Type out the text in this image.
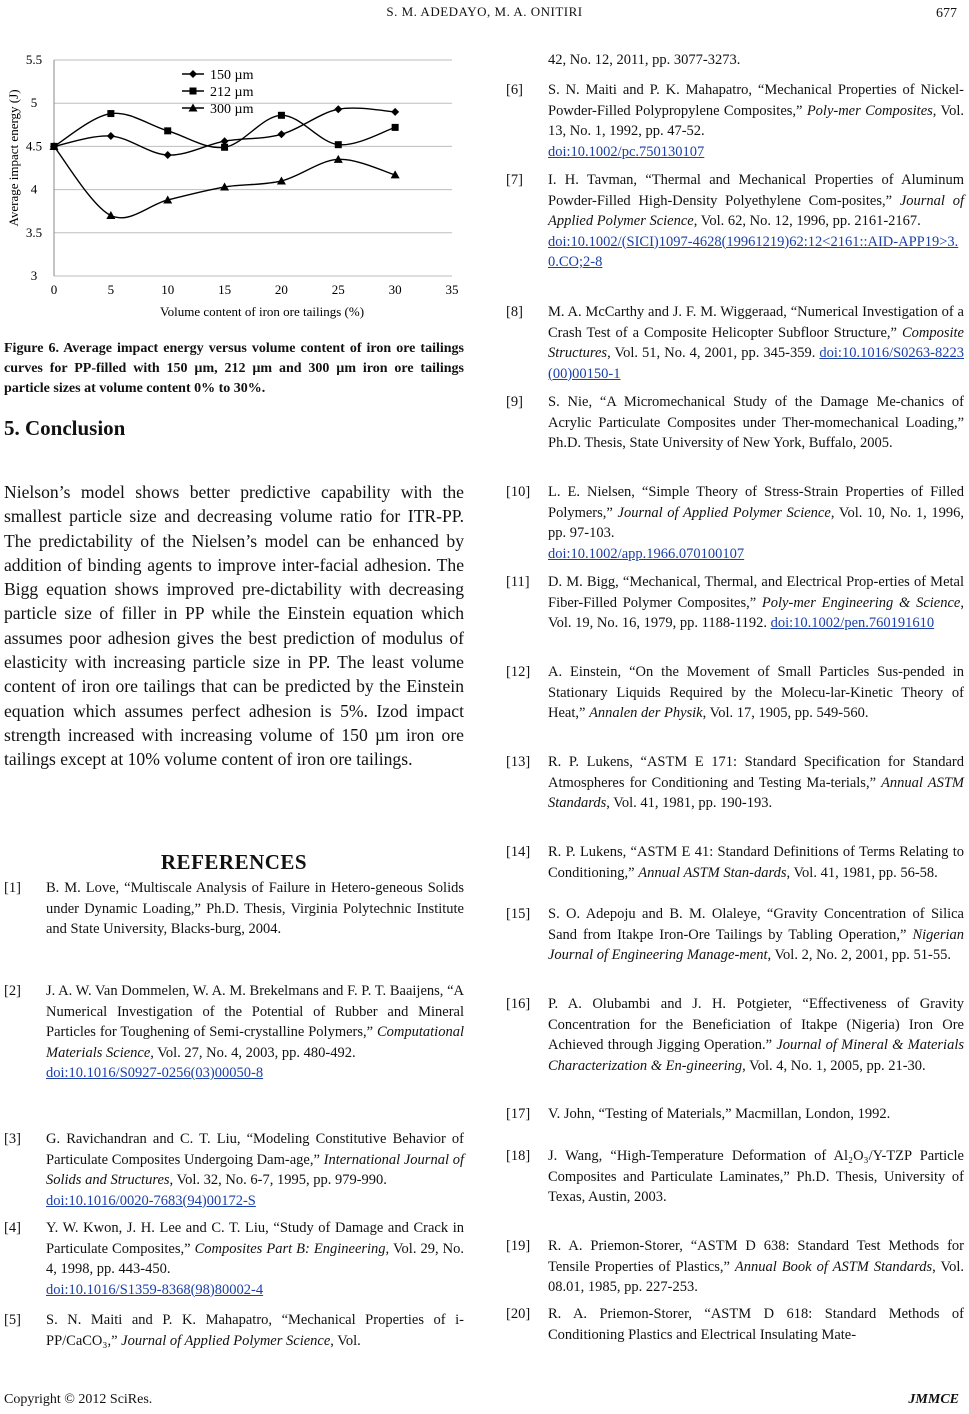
S. M. ADEDAYO, M. A. ONITIRI	677
3
3.5
4
4.5
5
5.5
0	5	10	15	20	25	30	35
150 µm
212 µm
300 µm
Volume content of iron ore tailings (%)
Average impact energy (J)
Figure 6. Average impact energy versus volume content of iron ore tailings curves for PP-filled with 150 µm, 212 µm and 300 µm iron ore tailings particle sizes at volume content 0% to 30%.
5. Conclusion
Nielson’s model shows better predictive capability with the smallest particle size and decreasing volume ratio for ITR-PP. The predictability of the Nielsen’s model can be enhanced by addition of binding agents to improve inter-facial adhesion. The Bigg equation shows improved pre-dictability with decreasing particle size of filler in PP while the Einstein equation which assumes poor adhesion gives the best prediction of modulus of elasticity with increasing particle size in PP. The least volume content of iron ore tailings that can be predicted by the Einstein equation which assumes perfect adhesion is 5%. Izod impact strength increased with increasing volume of 150 µm iron ore tailings except at 10% volume content of iron ore tailings.
REFERENCES
[1] B. M. Love, “Multiscale Analysis of Failure in Hetero-geneous Solids under Dynamic Loading,” Ph.D. Thesis, Virginia Polytechnic Institute and State University, Blacks-burg, 2004.
[2] J. A. W. Van Dommelen, W. A. M. Brekelmans and F. P. T. Baaijens, “A Numerical Investigation of the Potential of Rubber and Mineral Particles for Toughening of Semi-crystalline Polymers,” Computational Materials Science, Vol. 27, No. 4, 2003, pp. 480-492.
doi:10.1016/S0927-0256(03)00050-8
[3] G. Ravichandran and C. T. Liu, “Modeling Constitutive Behavior of Particulate Composites Undergoing Dam-age,” International Journal of Solids and Structures, Vol. 32, No. 6-7, 1995, pp. 979-990.
doi:10.1016/0020-7683(94)00172-S
[4] Y. W. Kwon, J. H. Lee and C. T. Liu, “Study of Damage and Crack in Particulate Composites,” Composites Part B: Engineering, Vol. 29, No. 4, 1998, pp. 443-450.
doi:10.1016/S1359-8368(98)80002-4
[5] S. N. Maiti and P. K. Mahapatro, “Mechanical Properties of i-PP/CaCO₃,” Journal of Applied Polymer Science, Vol.
42, No. 12, 2011, pp. 3077-3273.
[6] S. N. Maiti and P. K. Mahapatro, “Mechanical Properties of Nickel-Powder-Filled Polypropylene Composites,” Poly-mer Composites, Vol. 13, No. 1, 1992, pp. 47-52.
doi:10.1002/pc.750130107
[7] I. H. Tavman, “Thermal and Mechanical Properties of Aluminum Powder-Filled High-Density Polyethylene Com-posites,” Journal of Applied Polymer Science, Vol. 62, No. 12, 1996, pp. 2161-2167.
doi:10.1002/(SICI)1097-4628(19961219)62:12<2161::AID-APP19>3.0.CO;2-8
[8] M. A. McCarthy and J. F. M. Wiggeraad, “Numerical Investigation of a Crash Test of a Composite Helicopter Subfloor Structure,” Composite Structures, Vol. 51, No. 4, 2001, pp. 345-359. doi:10.1016/S0263-8223(00)00150-1
[9] S. Nie, “A Micromechanical Study of the Damage Me-chanics of Acrylic Particulate Composites under Ther-momechanical Loading,” Ph.D. Thesis, State University of New York, Buffalo, 2005.
[10] L. E. Nielsen, “Simple Theory of Stress-Strain Properties of Filled Polymers,” Journal of Applied Polymer Science, Vol. 10, No. 1, 1996, pp. 97-103.
doi:10.1002/app.1966.070100107
[11] D. M. Bigg, “Mechanical, Thermal, and Electrical Prop-erties of Metal Fiber-Filled Polymer Composites,” Poly-mer Engineering & Science, Vol. 19, No. 16, 1979, pp. 1188-1192. doi:10.1002/pen.760191610
[12] A. Einstein, “On the Movement of Small Particles Sus-pended in Stationary Liquids Required by the Molecu-lar-Kinetic Theory of Heat,” Annalen der Physik, Vol. 17, 1905, pp. 549-560.
[13] R. P. Lukens, “ASTM E 171: Standard Specification for Standard Atmospheres for Conditioning and Testing Ma-terials,” Annual ASTM Standards, Vol. 41, 1981, pp. 190-193.
[14] R. P. Lukens, “ASTM E 41: Standard Definitions of Terms Relating to Conditioning,” Annual ASTM Stan-dards, Vol. 41, 1981, pp. 56-58.
[15] S. O. Adepoju and B. M. Olaleye, “Gravity Concentration of Silica Sand from Itakpe Iron-Ore Tailings by Tabling Operation,” Nigerian Journal of Engineering Manage-ment, Vol. 2, No. 2, 2001, pp. 51-55.
[16] P. A. Olubambi and J. H. Potgieter, “Effectiveness of Gravity Concentration for the Beneficiation of Itakpe (Nigeria) Iron Ore Achieved through Jigging Operation.” Journal of Mineral & Materials Characterization & En-gineering, Vol. 4, No. 1, 2005, pp. 21-30.
[17] V. John, “Testing of Materials,” Macmillan, London, 1992.
[18] J. Wang, “High-Temperature Deformation of Al₂O₃/Y-TZP Particle Composites and Particulate Laminates,” Ph.D. Thesis, University of Texas, Austin, 2003.
[19] R. A. Priemon-Storer, “ASTM D 638: Standard Test Methods for Tensile Properties of Plastics,” Annual Book of ASTM Standards, Vol. 08.01, 1985, pp. 227-253.
[20] R. A. Priemon-Storer, “ASTM D 618: Standard Methods of Conditioning Plastics and Electrical Insulating Mate-
Copyright © 2012 SciRes.	JMMCE
